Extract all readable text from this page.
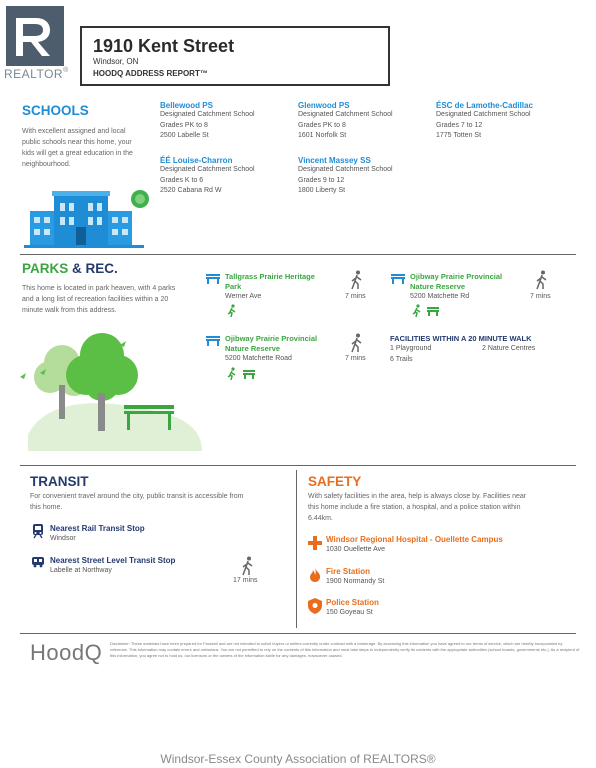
REALTOR®
1910 Kent Street
Windsor, ON
HOODQ ADDRESS REPORT™
SCHOOLS
With excellent assigned and local
public schools near this home, your
kids will get a great education in the
neighbourhood.
Bellewood PS
Designated Catchment School
Grades PK to 8
2500 Labelle St
Glenwood PS
Designated Catchment School
Grades PK to 8
1601 Norfolk St
ÉSC de Lamothe-Cadillac
Designated Catchment School
Grades 7 to 12
1775 Totten St
ÉÉ Louise-Charron
Designated Catchment School
Grades K to 6
2520 Cabana Rd W
Vincent Massey SS
Designated Catchment School
Grades 9 to 12
1800 Liberty St
PARKS & REC.
This home is located in park heaven, with 4 parks
and a long list of recreation facilities within a 20
minute walk from this address.
Tallgrass Prairie Heritage
Park
Werner Ave	7 mins
Ojibway Prairie Provincial
Nature Reserve
5200 Matchette Rd	7 mins
Ojibway Prairie Provincial
Nature Reserve
5200 Matchette Road	7 mins
FACILITIES WITHIN A 20 MINUTE WALK
1 Playground	2 Nature Centres
6 Trails
TRANSIT
For convenient travel around the city, public transit is accessible from
this home.
Nearest Rail Transit Stop
Windsor
Nearest Street Level Transit Stop
Labelle at Northway
17 mins
SAFETY
With safety facilities in the area, help is always close by. Facilities near
this home include a fire station, a hospital, and a police station within
6.44km.
Windsor Regional Hospital - Ouellette Campus
1030 Ouellette Ave
Fire Station
1900 Normandy St
Police Station
150 Goyeau St
HoodQ Disclaimer: These materials have been prepared for Facsimil and are not intended to solicit buyers or sellers currently under contract with a brokerage. By accessing this information you have agreed to our terms of service, which are hereby incorporated by reference. This information may contain errors and omissions. You are not permitted to rely on the contents of this information and must take steps to independently verify its contents with the appropriate authorities (school boards, governments etc.). As a recipient of this information, you agree not to hold us, our licensors or the owners of the information liable for any damages, howsoever caused.
Windsor-Essex County Association of REALTORS®
